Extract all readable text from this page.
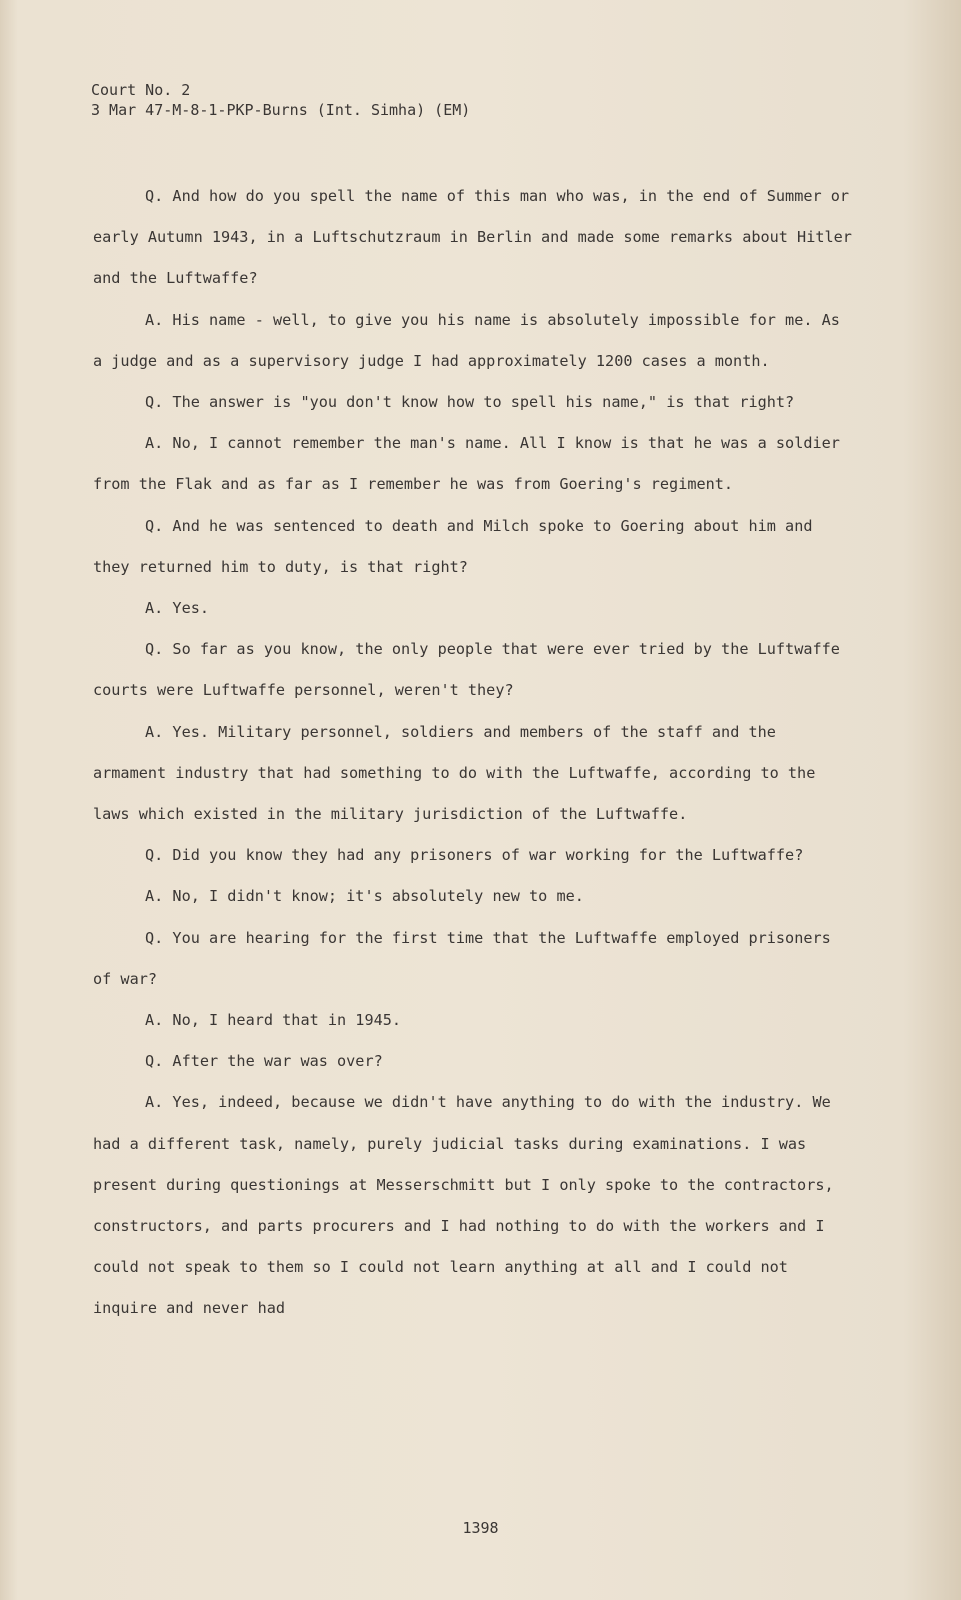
Court No. 2
3 Mar 47-M-8-1-PKP-Burns (Int. Simha) (EM)

Q. And how do you spell the name of this man who was, in the end of Summer or early Autumn 1943, in a Luftschutzraum in Berlin and made some remarks about Hitler and the Luftwaffe?

A. His name - well, to give you his name is absolutely impossible for me. As a judge and as a supervisory judge I had approximately 1200 cases a month.

Q. The answer is "you don't know how to spell his name," is that right?

A. No, I cannot remember the man's name. All I know is that he was a soldier from the Flak and as far as I remember he was from Goering's regiment.

Q. And he was sentenced to death and Milch spoke to Goering about him and they returned him to duty, is that right?

A. Yes.

Q. So far as you know, the only people that were ever tried by the Luftwaffe courts were Luftwaffe personnel, weren't they?

A. Yes. Military personnel, soldiers and members of the staff and the armament industry that had something to do with the Luftwaffe, according to the laws which existed in the military jurisdiction of the Luftwaffe.

Q. Did you know they had any prisoners of war working for the Luftwaffe?

A. No, I didn't know; it's absolutely new to me.

Q. You are hearing for the first time that the Luftwaffe employed prisoners of war?

A. No, I heard that in 1945.

Q. After the war was over?

A. Yes, indeed, because we didn't have anything to do with the industry. We had a different task, namely, purely judicial tasks during examinations. I was present during questionings at Messerschmitt but I only spoke to the contractors, constructors, and parts procurers and I had nothing to do with the workers and I could not speak to them so I could not learn anything at all and I could not inquire and never had

1398
